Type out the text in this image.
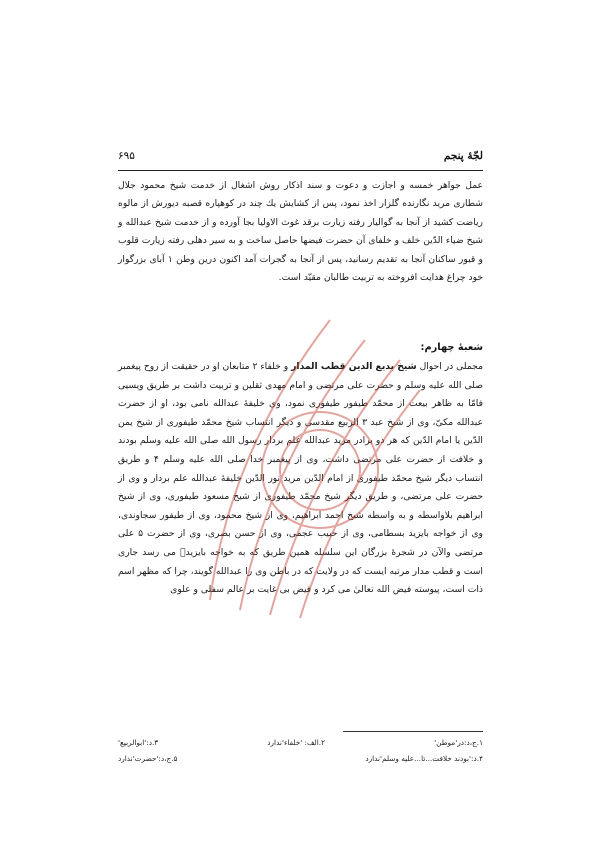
لجّهٔ پنجم
۶۹۵

عمل جواهر خمسه و اجازت و دعوت و سند اذکار روش اشغال از خدمت شیخ محمود جلال شطاری مرید نگارنده گلزار اخذ نمود، پس از کشایش یك چند در کوهپاره قصبه دیورش از مالوه ریاضت کشید از آنجا به گوالیار رفته زیارت برقد غوث الاولیا بجا آورده و از خدمت شیخ عبدالله و شیخ ضیاء الدّین خلف و خلفای آن حضرت فیضها حاصل ساخت و به سیر دهلی رفته زیارت قلوب و قبور ساکنان آنجا به تقدیم رسانید، پس از آنجا به گجرات آمد اکنون درین وطن ۱ آبای بزرگوار خود چراغ هدایت افروخته به تربیت طالبان مقیّد است.

شعبهٔ چهارم:
مجملی در احوال شیخ بدیع الدین قطب المدار و خلفاء ۲ متابعان او در حقیقت از روح پیغمبر صلی الله علیه وسلم و حضرت علی مرتضی و امام مهدی ثقلین و تربیت داشت بر طریق ویسیی فامّا به ظاهر بیعت از محمّد طیفور طیفوری نمود، وی خلیفهٔ عبدالله نامی بود، او از حضرت عبدالله مکیّ، وی از شیخ عبد ۳ الربیع مقدسی و دیگر انتساب شیخ محمّد طیفوری از شیخ یمن الدّین یا امام الدّین که هر دو برادر مرید عبدالله علم بردار رسول الله صلی الله علیه وسلم بودند و خلافت از حضرت علی مرتضی داشت، وی از پیغمبر خدا صلی الله علیه وسلم ۴ و طریق انتساب دیگر شیخ محمّد طیفوری از امام الدّین مرید نور الدّین خلیفهٔ عبدالله علم بردار و وی از حضرت علی مرتضی، و طریق دیگر شیخ محمّد طیفوری از شیخ مسعود طیفوری، وی از شیخ ابراهیم بلاواسطه و به واسطه شیخ احمد ابراهیم، وی از شیخ محمود، وی از طیفور سجاوندی، وی از خواجه بایزید بسطامی، وی از حبیب عجمی، وی از حسن بصری، وی از حضرت ۵ علی مرتضی والآن در شجرهٔ بزرگان این سلسله همین طریق که به خواجه بایزیدؒ می رسد جاری است و قطب مدار مرتبه ایست که در ولایت که در باطن وی را عبدالله گویند، چرا که مظهر اسم ذات است، پیوسته فیض الله تعالیٰ می کرد و فیض بی غایت بر عالم سفلی و علوی
۱.ج،د:در'موطن'
۲.الف: 'خلفاء'ندارد
۳.د:'ابوالربیع'
۴.د:'بودند خلافت...تا...علیه وسلم'ندارد
۵.ج،د:'حضرت'ندارد
